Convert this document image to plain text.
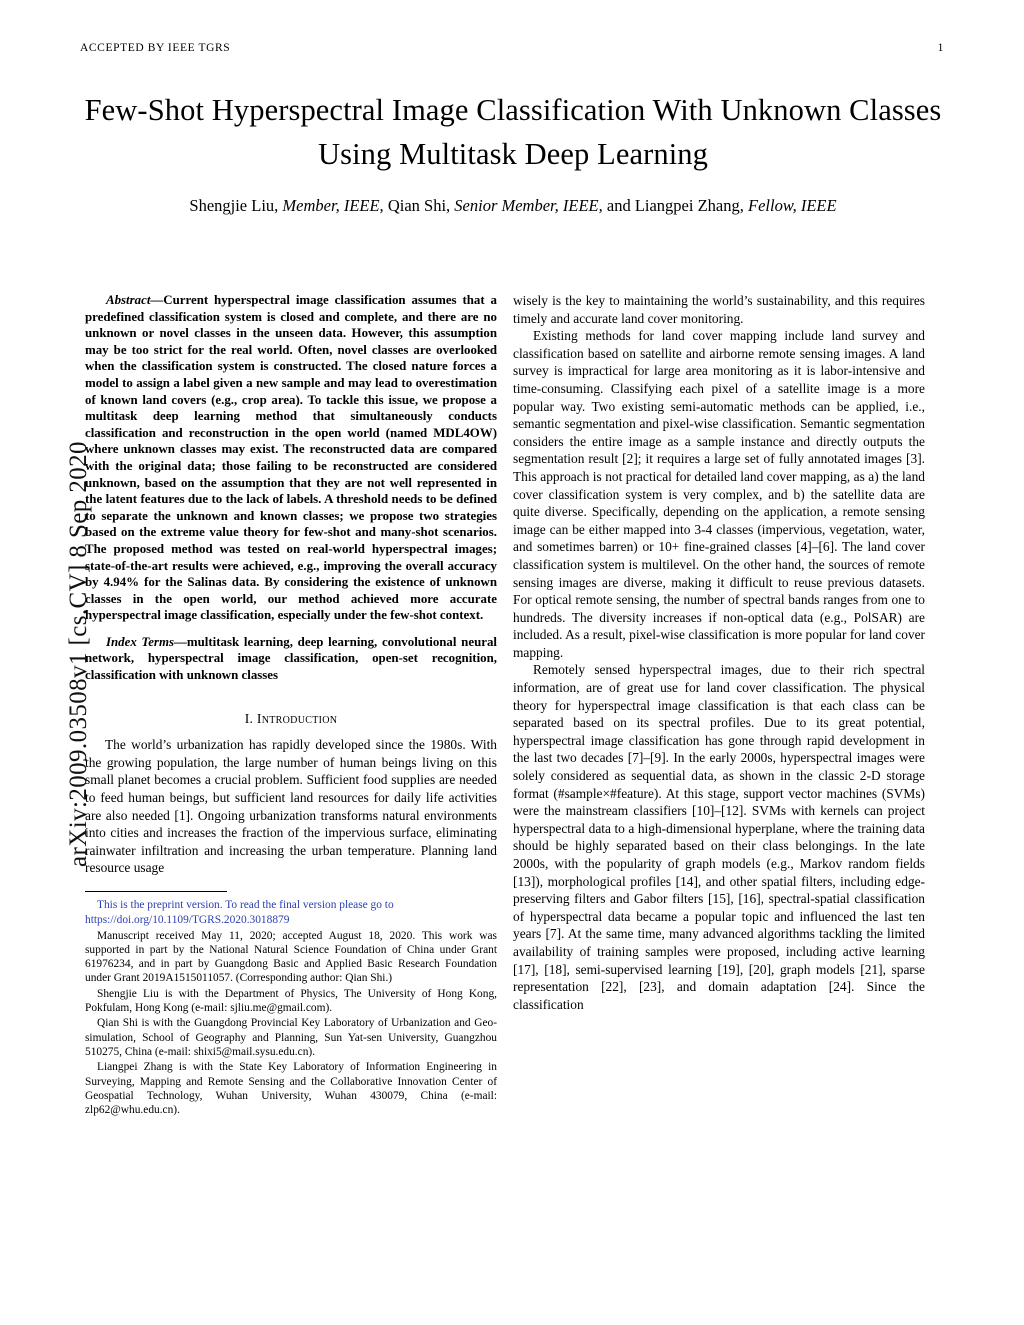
arXiv:2009.03508v1 [cs.CV] 8 Sep 2020
ACCEPTED BY IEEE TGRS	1
Few-Shot Hyperspectral Image Classification With Unknown Classes Using Multitask Deep Learning
Shengjie Liu, Member, IEEE, Qian Shi, Senior Member, IEEE, and Liangpei Zhang, Fellow, IEEE
Abstract—Current hyperspectral image classification assumes that a predefined classification system is closed and complete, and there are no unknown or novel classes in the unseen data. However, this assumption may be too strict for the real world. Often, novel classes are overlooked when the classification system is constructed. The closed nature forces a model to assign a label given a new sample and may lead to overestimation of known land covers (e.g., crop area). To tackle this issue, we propose a multitask deep learning method that simultaneously conducts classification and reconstruction in the open world (named MDL4OW) where unknown classes may exist. The reconstructed data are compared with the original data; those failing to be reconstructed are considered unknown, based on the assumption that they are not well represented in the latent features due to the lack of labels. A threshold needs to be defined to separate the unknown and known classes; we propose two strategies based on the extreme value theory for few-shot and many-shot scenarios. The proposed method was tested on real-world hyperspectral images; state-of-the-art results were achieved, e.g., improving the overall accuracy by 4.94% for the Salinas data. By considering the existence of unknown classes in the open world, our method achieved more accurate hyperspectral image classification, especially under the few-shot context.
Index Terms—multitask learning, deep learning, convolutional neural network, hyperspectral image classification, open-set recognition, classification with unknown classes
I. Introduction

The world’s urbanization has rapidly developed since the 1980s. With the growing population, the large number of human beings living on this small planet becomes a crucial problem. Sufficient food supplies are needed to feed human beings, but sufficient land resources for daily life activities are also needed [1]. Ongoing urbanization transforms natural environments into cities and increases the fraction of the impervious surface, eliminating rainwater infiltration and increasing the urban temperature. Planning land resource usage

This is the preprint version. To read the final version please go to

https://doi.org/10.1109/TGRS.2020.3018879

Manuscript received May 11, 2020; accepted August 18, 2020. This work was supported in part by the National Natural Science Foundation of China under Grant 61976234, and in part by Guangdong Basic and Applied Basic Research Foundation under Grant 2019A1515011057. (Corresponding author: Qian Shi.)

Shengjie Liu is with the Department of Physics, The University of Hong Kong, Pokfulam, Hong Kong (e-mail: sjliu.me@gmail.com).

Qian Shi is with the Guangdong Provincial Key Laboratory of Urbanization and Geo-simulation, School of Geography and Planning, Sun Yat-sen University, Guangzhou 510275, China (e-mail: shixi5@mail.sysu.edu.cn).

Liangpei Zhang is with the State Key Laboratory of Information Engineering in Surveying, Mapping and Remote Sensing and the Collaborative Innovation Center of Geospatial Technology, Wuhan University, Wuhan 430079, China (e-mail: zlp62@whu.edu.cn).

wisely is the key to maintaining the world’s sustainability, and this requires timely and accurate land cover monitoring.

Existing methods for land cover mapping include land survey and classification based on satellite and airborne remote sensing images. A land survey is impractical for large area monitoring as it is labor-intensive and time-consuming. Classifying each pixel of a satellite image is a more popular way. Two existing semi-automatic methods can be applied, i.e., semantic segmentation and pixel-wise classification. Semantic segmentation considers the entire image as a sample instance and directly outputs the segmentation result [2]; it requires a large set of fully annotated images [3]. This approach is not practical for detailed land cover mapping, as a) the land cover classification system is very complex, and b) the satellite data are quite diverse. Specifically, depending on the application, a remote sensing image can be either mapped into 3-4 classes (impervious, vegetation, water, and sometimes barren) or 10+ fine-grained classes [4]–[6]. The land cover classification system is multilevel. On the other hand, the sources of remote sensing images are diverse, making it difficult to reuse previous datasets. For optical remote sensing, the number of spectral bands ranges from one to hundreds. The diversity increases if non-optical data (e.g., PolSAR) are included. As a result, pixel-wise classification is more popular for land cover mapping.

Remotely sensed hyperspectral images, due to their rich spectral information, are of great use for land cover classification. The physical theory for hyperspectral image classification is that each class can be separated based on its spectral profiles. Due to its great potential, hyperspectral image classification has gone through rapid development in the last two decades [7]–[9]. In the early 2000s, hyperspectral images were solely considered as sequential data, as shown in the classic 2-D storage format (#sample×#feature). At this stage, support vector machines (SVMs) were the mainstream classifiers [10]–[12]. SVMs with kernels can project hyperspectral data to a high-dimensional hyperplane, where the training data should be highly separated based on their class belongings. In the late 2000s, with the popularity of graph models (e.g., Markov random fields [13]), morphological profiles [14], and other spatial filters, including edge-preserving filters and Gabor filters [15], [16], spectral-spatial classification of hyperspectral data became a popular topic and influenced the last ten years [7]. At the same time, many advanced algorithms tackling the limited availability of training samples were proposed, including active learning [17], [18], semi-supervised learning [19], [20], graph models [21], sparse representation [22], [23], and domain adaptation [24]. Since the classification
